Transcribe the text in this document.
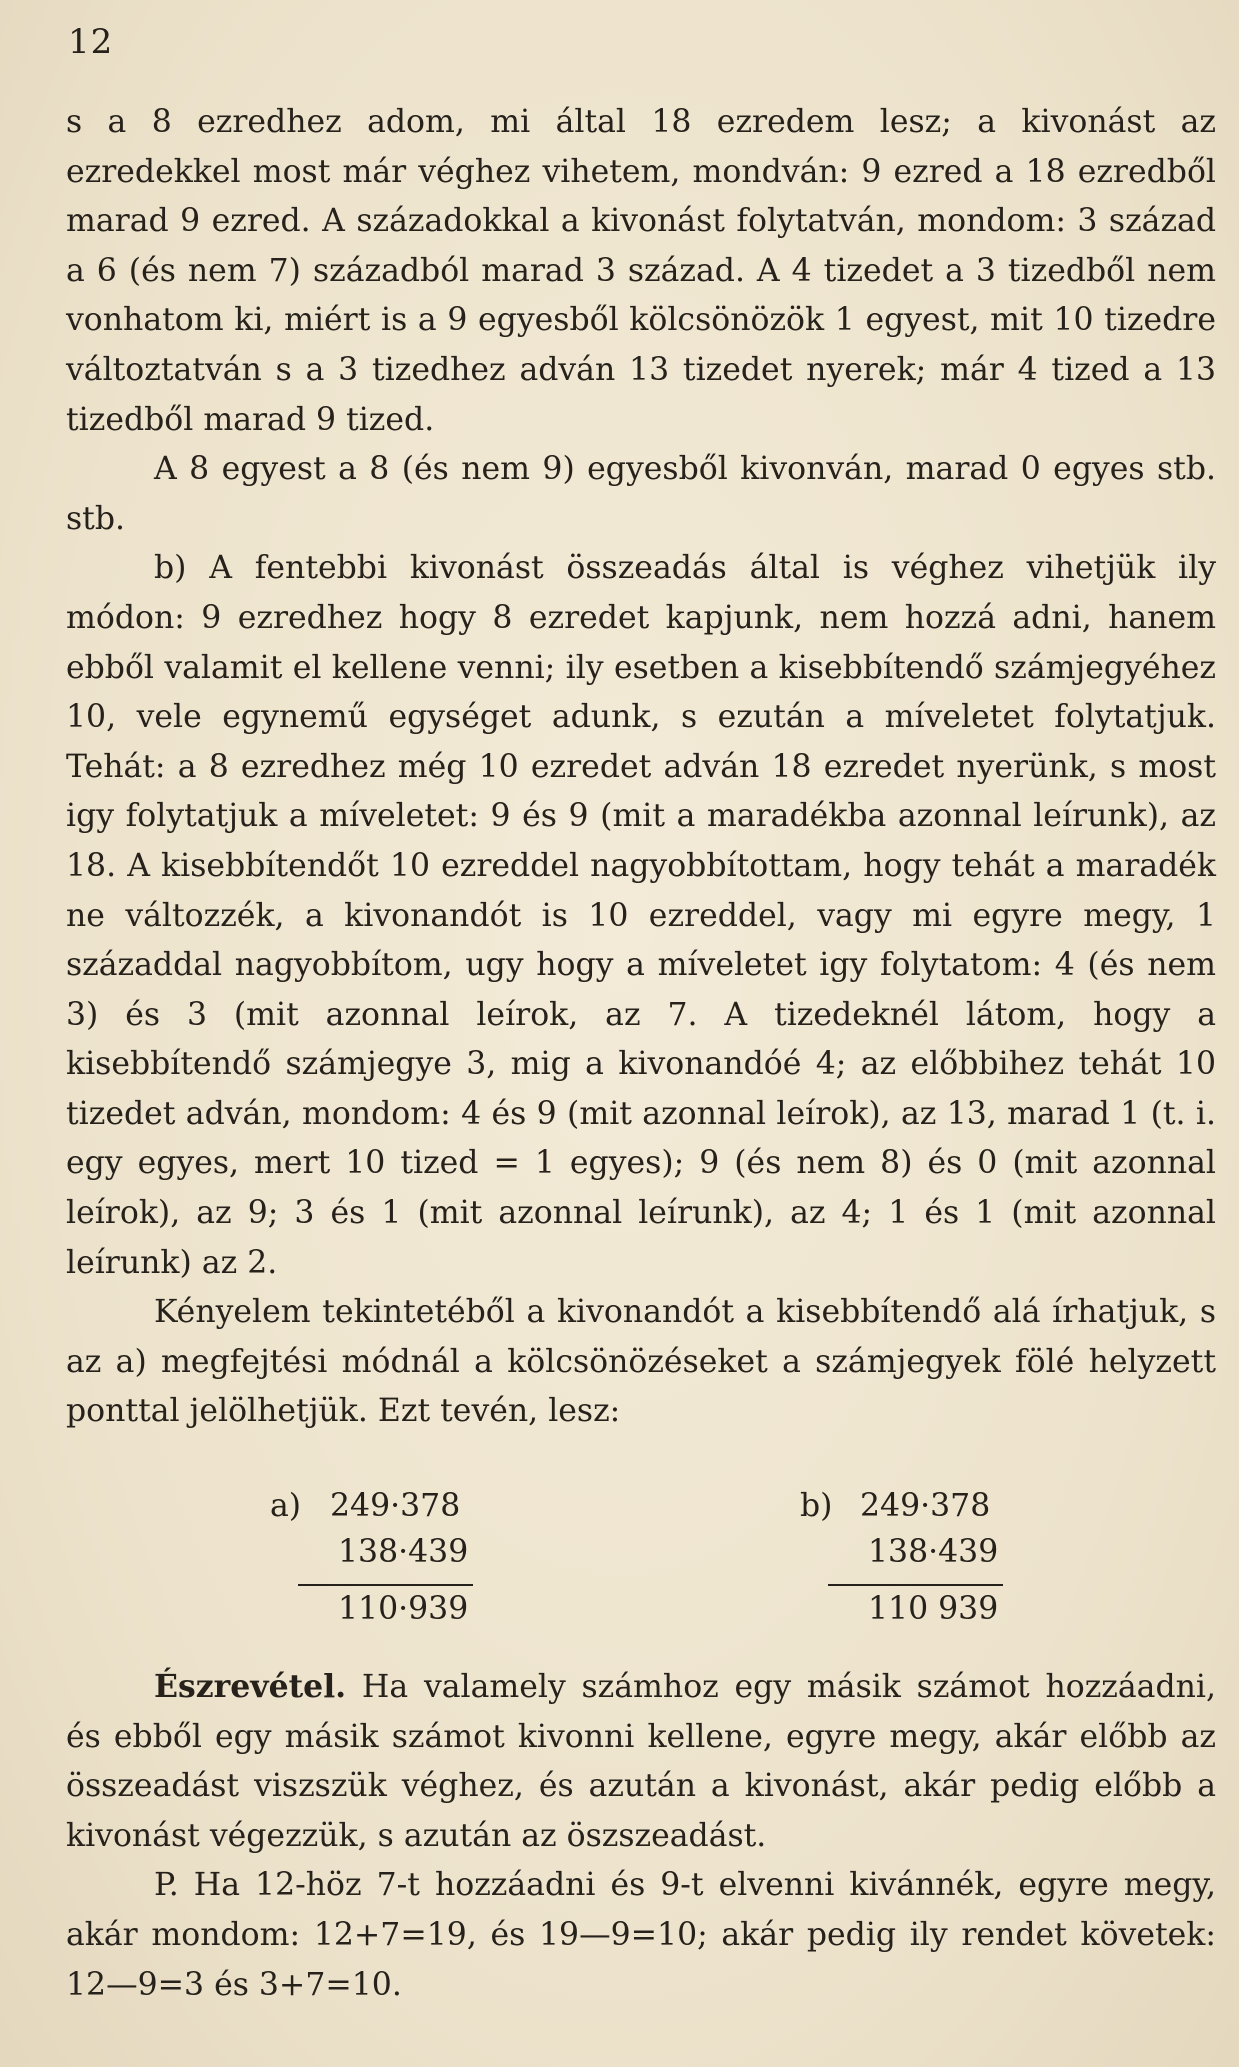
12

s a 8 ezredhez adom, mi által 18 ezredem lesz; a kivonást az ezredekkel most már véghez vihetem, mondván: 9 ezred a 18 ezredből marad 9 ezred. A századokkal a kivonást folytatván, mondom: 3 század a 6 (és nem 7) századból marad 3 század. A 4 tizedet a 3 tizedből nem vonhatom ki, miért is a 9 egyesből kölcsönözök 1 egyest, mit 10 tizedre változtatván s a 3 tizedhez adván 13 tizedet nyerek; már 4 tized a 13 tizedből marad 9 tized.

A 8 egyest a 8 (és nem 9) egyesből kivonván, marad 0 egyes stb. stb.

b) A fentebbi kivonást összeadás által is véghez vihetjük ily módon: 9 ezredhez hogy 8 ezredet kapjunk, nem hozzá adni, hanem ebből valamit el kellene venni; ily esetben a kisebbítendő számjegyéhez 10, vele egynemű egységet adunk, s ezután a míveletet folytatjuk. Tehát: a 8 ezredhez még 10 ezredet adván 18 ezredet nyerünk, s most igy folytatjuk a míveletet: 9 és 9 (mit a maradékba azonnal leírunk), az 18. A kisebbítendőt 10 ezreddel nagyobbítottam, hogy tehát a maradék ne változzék, a kivonandót is 10 ezreddel, vagy mi egyre megy, 1 századdal nagyobbítom, ugy hogy a míveletet igy folytatom: 4 (és nem 3) és 3 (mit azonnal leírok, az 7. A tizedeknél látom, hogy a kisebbítendő számjegye 3, mig a kivonandóé 4; az előbbihez tehát 10 tizedet adván, mondom: 4 és 9 (mit azonnal leírok), az 13, marad 1 (t. i. egy egyes, mert 10 tized = 1 egyes); 9 (és nem 8) és 0 (mit azonnal leírok), az 9; 3 és 1 (mit azonnal leírunk), az 4; 1 és 1 (mit azonnal leírunk) az 2.

Kényelem tekintetéből a kivonandót a kisebbítendő alá írhatjuk, s az a) megfejtési módnál a kölcsönözéseket a számjegyek fölé helyzett ponttal jelölhetjük. Ezt tevén, lesz:

a) 249·378
138·439
110·939
b) 249·378
138·439
110 939

Észrevétel. Ha valamely számhoz egy másik számot hozzáadni, és ebből egy másik számot kivonni kellene, egyre megy, akár előbb az összeadást viszszük véghez, és azután a kivonást, akár pedig előbb a kivonást végezzük, s azután az öszszeadást.

P. Ha 12-höz 7-t hozzáadni és 9-t elvenni kivánnék, egyre megy, akár mondom: 12+7=19, és 19—9=10; akár pedig ily rendet követek: 12—9=3 és 3+7=10.
